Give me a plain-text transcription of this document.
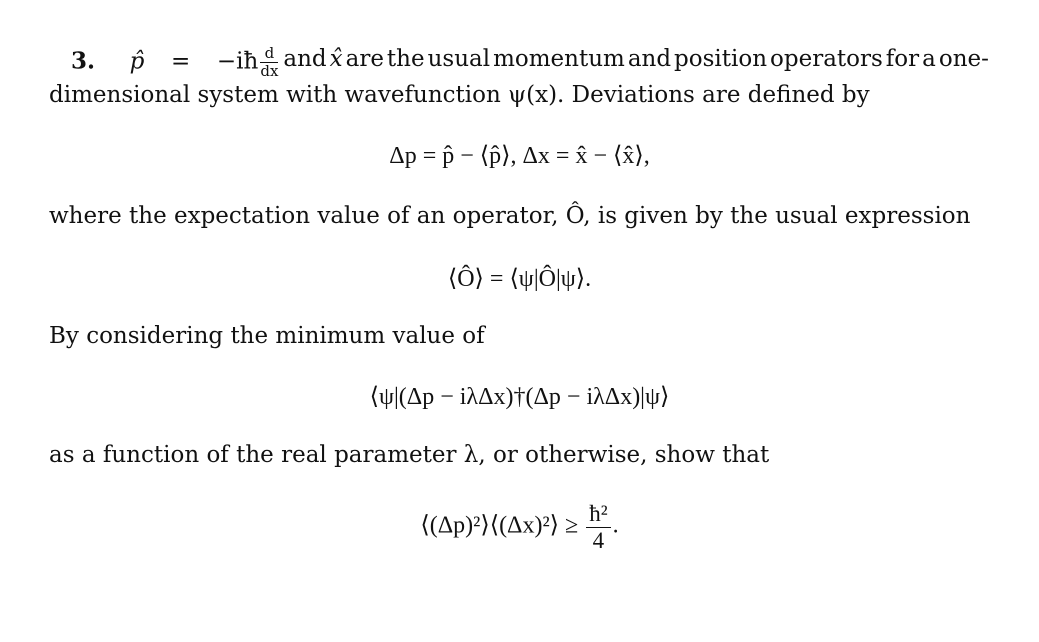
3. p̂ = −iħ $\frac{d}{dx}$ and x̂ are the usual momentum and position operators for a one-
dimensional system with wavefunction ψ(x). Deviations are defined by
Δp = p̂ − ⟨p̂⟩, Δx = x̂ − ⟨x̂⟩,
where the expectation value of an operator, Ô, is given by the usual expression
⟨Ô⟩ = ⟨ψ|Ô|ψ⟩.
By considering the minimum value of
⟨ψ|(Δp − iλΔx)†(Δp − iλΔx)|ψ⟩
as a function of the real parameter λ, or otherwise, show that
⟨(Δp)²⟩⟨(Δx)²⟩ ≥ $\frac{\text{ħ²}}{4}$ .
